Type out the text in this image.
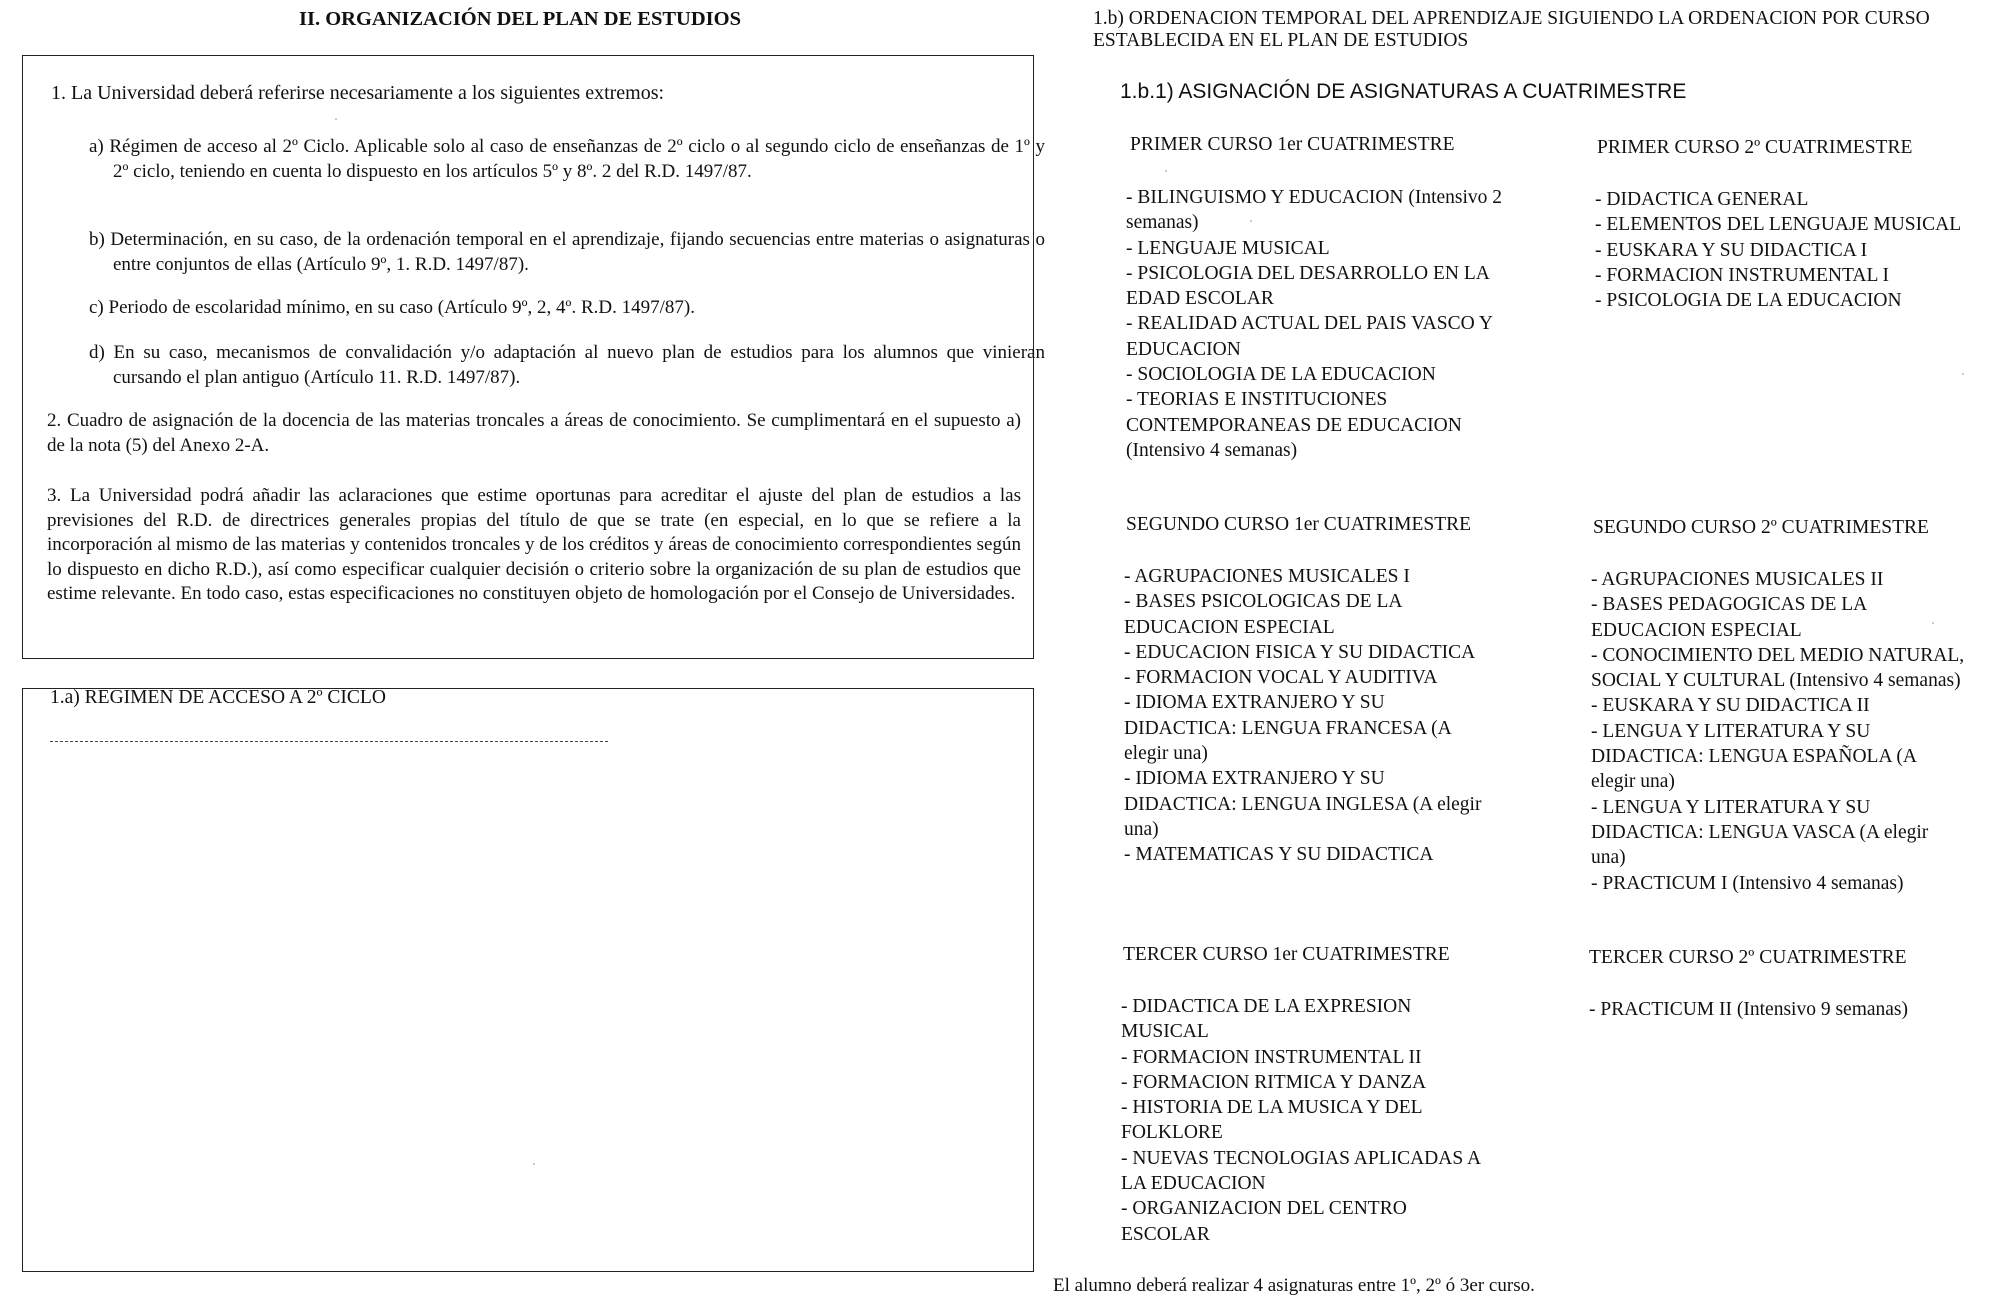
II. ORGANIZACIÓN DEL PLAN DE ESTUDIOS
1. La Universidad deberá referirse necesariamente a los siguientes extremos:
a) Régimen de acceso al 2º Ciclo. Aplicable solo al caso de enseñanzas de 2º ciclo o al segundo ciclo de enseñanzas de 1º y 2º ciclo, teniendo en cuenta lo dispuesto en los artículos 5º y 8º. 2 del R.D. 1497/87.
b) Determinación, en su caso, de la ordenación temporal en el aprendizaje, fijando secuencias entre materias o asignaturas o entre conjuntos de ellas (Artículo 9º, 1. R.D. 1497/87).
c) Periodo de escolaridad mínimo, en su caso (Artículo 9º, 2, 4º. R.D. 1497/87).
d) En su caso, mecanismos de convalidación y/o adaptación al nuevo plan de estudios para los alumnos que vinieran cursando el plan antiguo (Artículo 11. R.D. 1497/87).
2. Cuadro de asignación de la docencia de las materias troncales a áreas de conocimiento. Se cumplimentará en el supuesto a) de la nota (5) del Anexo 2-A.
3. La Universidad podrá añadir las aclaraciones que estime oportunas para acreditar el ajuste del plan de estudios a las previsiones del R.D. de directrices generales propias del título de que se trate (en especial, en lo que se refiere a la incorporación al mismo de las materias y contenidos troncales y de los créditos y áreas de conocimiento correspondientes según lo dispuesto en dicho R.D.), así como especificar cualquier decisión o criterio sobre la organización de su plan de estudios que estime relevante. En todo caso, estas especificaciones no constituyen objeto de homologación por el Consejo de Universidades.
1.a) REGIMEN DE ACCESO A 2º CICLO
1.b) ORDENACION TEMPORAL DEL APRENDIZAJE SIGUIENDO LA ORDENACION POR CURSO ESTABLECIDA EN EL PLAN DE ESTUDIOS
1.b.1) ASIGNACIÓN DE ASIGNATURAS A CUATRIMESTRE
PRIMER CURSO 1er CUATRIMESTRE
- BILINGUISMO Y EDUCACION (Intensivo 2
semanas)
- LENGUAJE MUSICAL
- PSICOLOGIA DEL DESARROLLO EN LA
EDAD ESCOLAR
- REALIDAD ACTUAL DEL PAIS VASCO Y
EDUCACION
- SOCIOLOGIA DE LA EDUCACION
- TEORIAS E INSTITUCIONES
CONTEMPORANEAS DE EDUCACION
(Intensivo 4 semanas)
PRIMER CURSO 2º CUATRIMESTRE
- DIDACTICA GENERAL
- ELEMENTOS DEL LENGUAJE MUSICAL
- EUSKARA Y SU DIDACTICA I
- FORMACION INSTRUMENTAL I
- PSICOLOGIA DE LA EDUCACION
SEGUNDO CURSO 1er CUATRIMESTRE
- AGRUPACIONES MUSICALES I
- BASES PSICOLOGICAS DE LA
EDUCACION ESPECIAL
- EDUCACION FISICA Y SU DIDACTICA
- FORMACION VOCAL Y AUDITIVA
- IDIOMA EXTRANJERO Y SU
DIDACTICA: LENGUA FRANCESA (A
elegir una)
- IDIOMA EXTRANJERO Y SU
DIDACTICA: LENGUA INGLESA (A elegir
una)
- MATEMATICAS Y SU DIDACTICA
SEGUNDO CURSO 2º CUATRIMESTRE
- AGRUPACIONES MUSICALES II
- BASES PEDAGOGICAS DE LA
EDUCACION ESPECIAL
- CONOCIMIENTO DEL MEDIO NATURAL,
SOCIAL Y CULTURAL (Intensivo 4 semanas)
- EUSKARA Y SU DIDACTICA II
- LENGUA Y LITERATURA Y SU
DIDACTICA: LENGUA ESPAÑOLA (A
elegir una)
- LENGUA Y LITERATURA Y SU
DIDACTICA: LENGUA VASCA (A elegir
una)
- PRACTICUM I (Intensivo 4 semanas)
TERCER CURSO 1er CUATRIMESTRE
- DIDACTICA DE LA EXPRESION
MUSICAL
- FORMACION INSTRUMENTAL II
- FORMACION RITMICA Y DANZA
- HISTORIA DE LA MUSICA Y DEL
FOLKLORE
- NUEVAS TECNOLOGIAS APLICADAS A
LA EDUCACION
- ORGANIZACION DEL CENTRO
ESCOLAR
TERCER CURSO 2º CUATRIMESTRE
- PRACTICUM II (Intensivo 9 semanas)
El alumno deberá realizar 4 asignaturas entre 1º, 2º ó 3er curso.
